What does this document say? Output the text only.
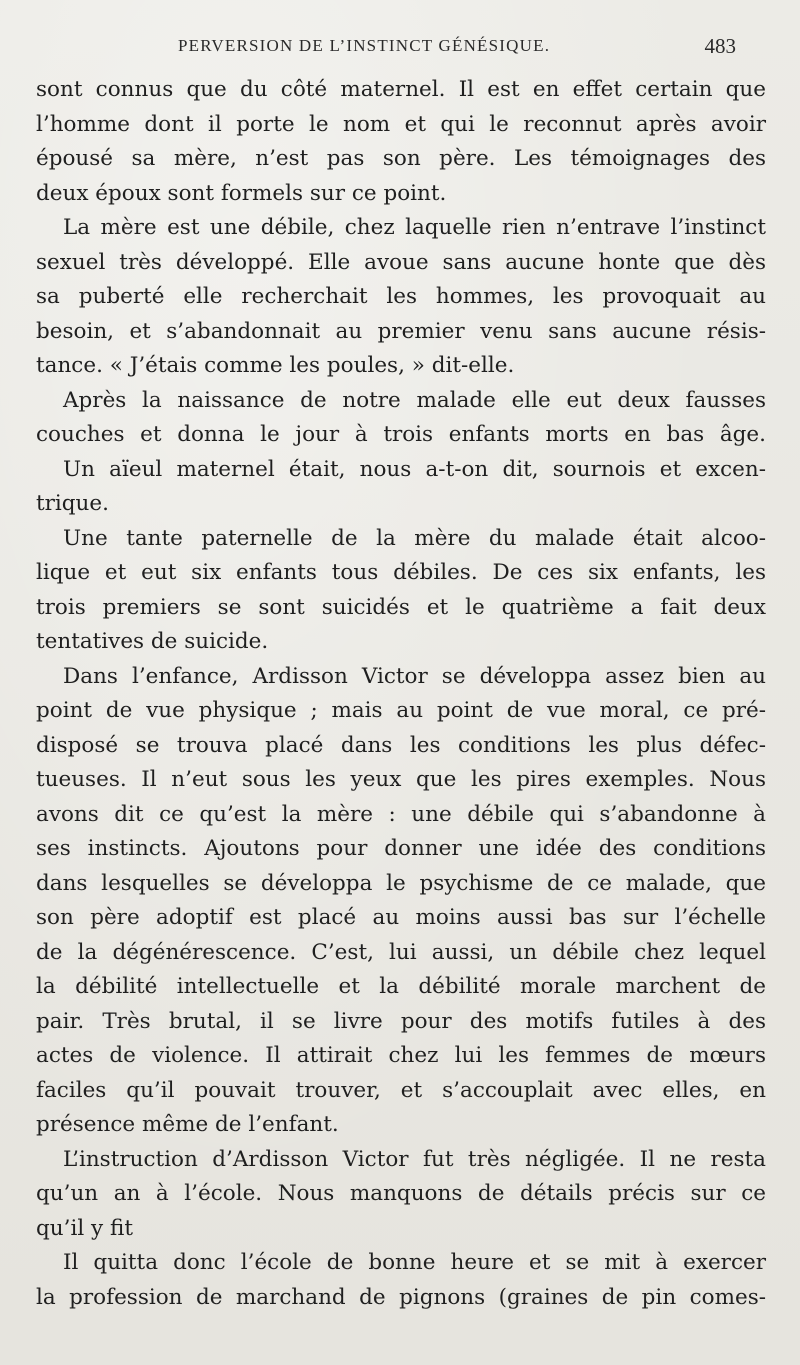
PERVERSION DE L’INSTINCT GÉNÉSIQUE.	483
sont connus que du côté maternel. Il est en effet certain que
l’homme dont il porte le nom et qui le reconnut après avoir
épousé sa mère, n’est pas son père. Les témoignages des
deux époux sont formels sur ce point.
La mère est une débile, chez laquelle rien n’entrave l’instinct
sexuel très développé. Elle avoue sans aucune honte que dès
sa puberté elle recherchait les hommes, les provoquait au
besoin, et s’abandonnait au premier venu sans aucune résis-
tance. « J’étais comme les poules, » dit-elle.
Après la naissance de notre malade elle eut deux fausses
couches et donna le jour à trois enfants morts en bas âge.
Un aïeul maternel était, nous a-t-on dit, sournois et excen-
trique.
Une tante paternelle de la mère du malade était alcoo-
lique et eut six enfants tous débiles. De ces six enfants, les
trois premiers se sont suicidés et le quatrième a fait deux
tentatives de suicide.
Dans l’enfance, Ardisson Victor se développa assez bien au
point de vue physique ; mais au point de vue moral, ce pré-
disposé se trouva placé dans les conditions les plus défec-
tueuses. Il n’eut sous les yeux que les pires exemples. Nous
avons dit ce qu’est la mère : une débile qui s’abandonne à
ses instincts. Ajoutons pour donner une idée des conditions
dans lesquelles se développa le psychisme de ce malade, que
son père adoptif est placé au moins aussi bas sur l’échelle
de la dégénérescence. C’est, lui aussi, un débile chez lequel
la débilité intellectuelle et la débilité morale marchent de
pair. Très brutal, il se livre pour des motifs futiles à des
actes de violence. Il attirait chez lui les femmes de mœurs
faciles qu’il pouvait trouver, et s’accouplait avec elles, en
présence même de l’enfant.
L’instruction d’Ardisson Victor fut très négligée. Il ne resta
qu’un an à l’école. Nous manquons de détails précis sur ce
qu’il y fit
Il quitta donc l’école de bonne heure et se mit à exercer
la profession de marchand de pignons (graines de pin comes-
